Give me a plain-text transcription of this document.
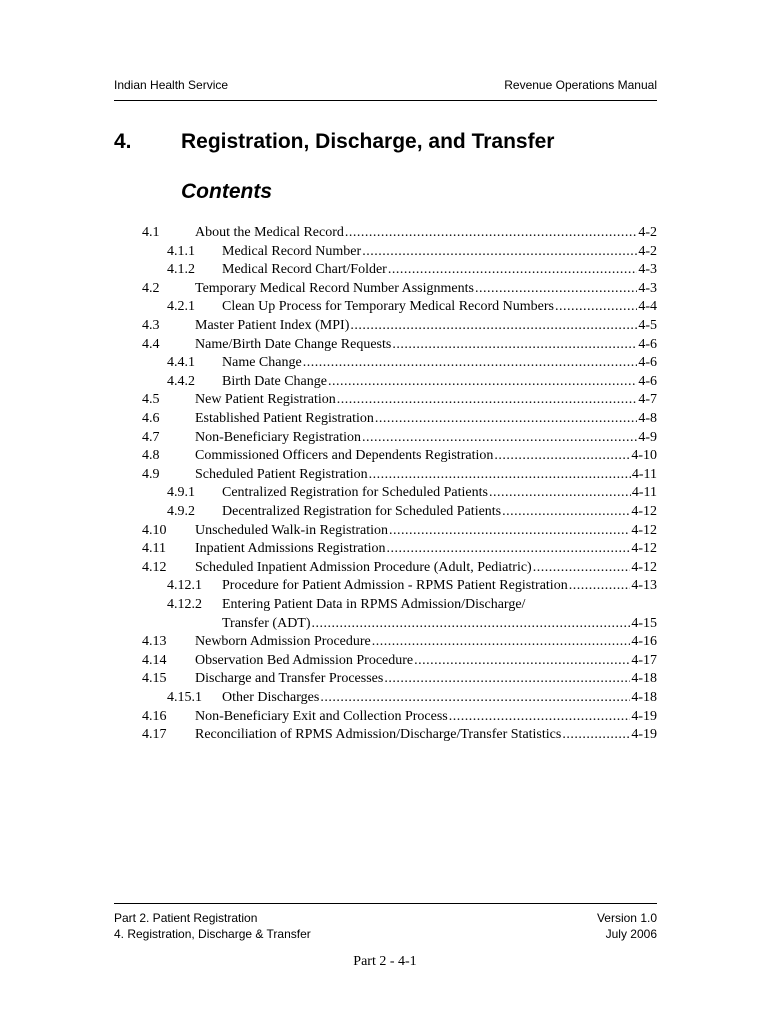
Indian Health Service	Revenue Operations Manual
4. Registration, Discharge, and Transfer
Contents
4.1	About the Medical Record . . .	4-2
4.1.1 Medical Record Number . . .	4-2
4.1.2 Medical Record Chart/Folder . . .	4-3
4.2	Temporary Medical Record Number Assignments . . .	4-3
4.2.1 Clean Up Process for Temporary Medical Record Numbers . . .	4-4
4.3	Master Patient Index (MPI) . . .	4-5
4.4	Name/Birth Date Change Requests . . .	4-6
4.4.1 Name Change . . .	4-6
4.4.2 Birth Date Change . . .	4-6
4.5	New Patient Registration . . .	4-7
4.6	Established Patient Registration . . .	4-8
4.7	Non-Beneficiary Registration . . .	4-9
4.8	Commissioned Officers and Dependents Registration . . .	4-10
4.9	Scheduled Patient Registration . . .	4-11
4.9.1 Centralized Registration for Scheduled Patients . . .	4-11
4.9.2 Decentralized Registration for Scheduled Patients . . .	4-12
4.10 Unscheduled Walk-in Registration . . .	4-12
4.11 Inpatient Admissions Registration . . .	4-12
4.12 Scheduled Inpatient Admission Procedure (Adult, Pediatric) . . .	4-12
4.12.1 Procedure for Patient Admission - RPMS Patient Registration . . .	4-13
4.12.2 Entering Patient Data in RPMS Admission/Discharge/
Transfer (ADT) . . .	4-15
4.13 Newborn Admission Procedure . . .	4-16
4.14 Observation Bed Admission Procedure . . .	4-17
4.15 Discharge and Transfer Processes . . .	4-18
4.15.1 Other Discharges . . .	4-18
4.16 Non-Beneficiary Exit and Collection Process . . .	4-19
4.17 Reconciliation of RPMS Admission/Discharge/Transfer Statistics . . .	4-19
Part 2. Patient Registration
4. Registration, Discharge & Transfer
Version 1.0
July 2006
Part 2 - 4-1
